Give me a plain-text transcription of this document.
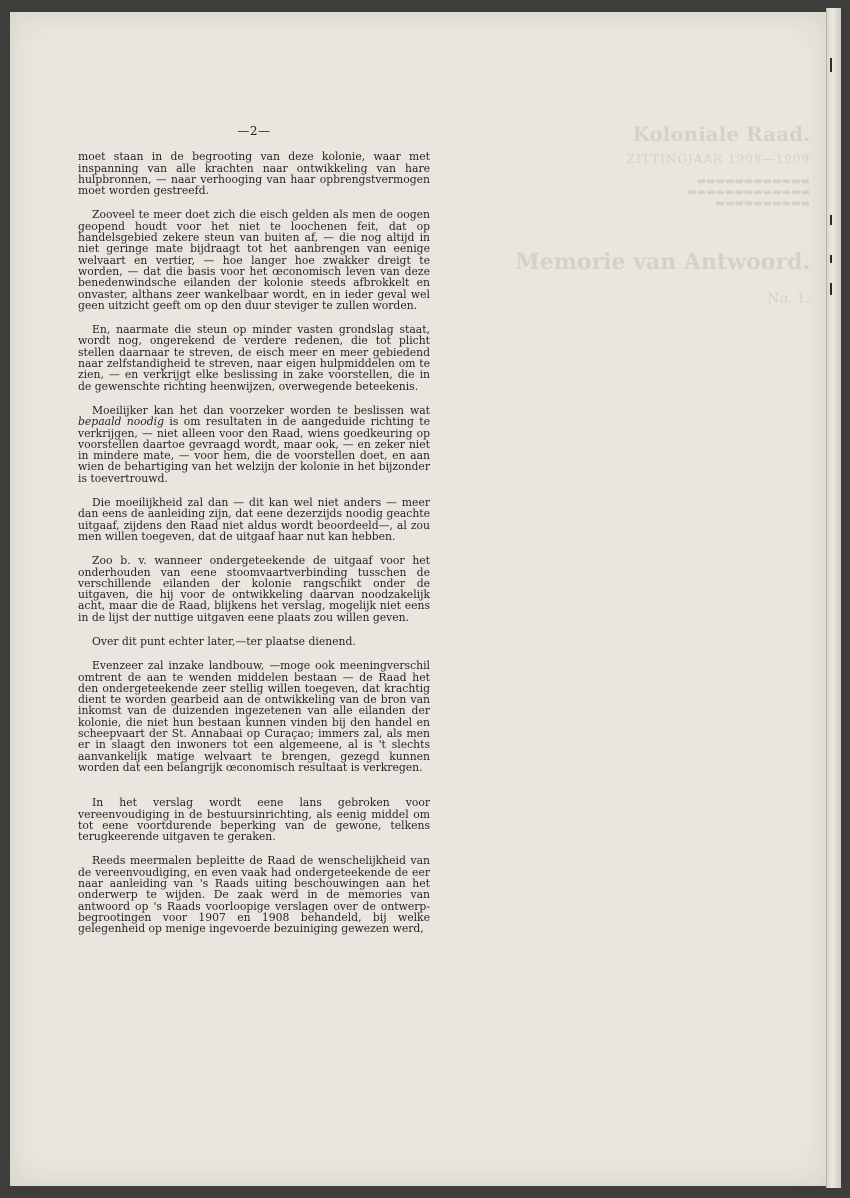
Koloniale Raad.
ZITTINGJAAR 1908—1909
▬▬▬▬▬▬▬▬▬▬▬▬
▬▬▬▬▬▬▬▬▬▬▬▬▬
▬▬▬▬▬▬▬▬▬▬
Memorie van Antwoord.
No. 1.
—2—

moet staan in de begrooting van deze kolonie, waar met inspanning van alle krachten naar ontwikkeling van hare hulpbronnen, — naar verhooging van haar opbrengstvermogen moet worden gestreefd.

Zooveel te meer doet zich die eisch gelden als men de oogen geopend houdt voor het niet te loochenen feit, dat op handelsgebied zekere steun van buiten af, — die nog altijd in niet geringe mate bijdraagt tot het aanbrengen van eenige welvaart en vertier, — hoe langer hoe zwakker dreigt te worden, — dat die basis voor het œconomisch leven van deze benedenwindsche eilanden der kolonie steeds afbrokkelt en onvaster, althans zeer wankelbaar wordt, en in ieder geval wel geen uitzicht geeft om op den duur steviger te zullen worden.

En, naarmate die steun op minder vasten grondslag staat, wordt nog, ongerekend de verdere redenen, die tot plicht stellen daarnaar te streven, de eisch meer en meer gebiedend naar zelfstandigheid te streven, naar eigen hulpmiddelen om te zien, — en verkrijgt elke beslissing in zake voorstellen, die in de gewenschte richting heenwijzen, overwegende beteekenis.

Moeilijker kan het dan voorzeker worden te beslissen wat bepaald noodig is om resultaten in de aangeduide richting te verkrijgen, — niet alleen voor den Raad, wiens goedkeuring op voorstellen daartoe gevraagd wordt, maar ook, — en zeker niet in mindere mate, — voor hem, die de voorstellen doet, en aan wien de behartiging van het welzijn der kolonie in het bijzonder is toevertrouwd.

Die moeilijkheid zal dan — dit kan wel niet anders — meer dan eens de aanleiding zijn, dat eene dezerzijds noodig geachte uitgaaf, zijdens den Raad niet aldus wordt beoordeeld—, al zou men willen toegeven, dat de uitgaaf haar nut kan hebben.

Zoo b. v. wanneer ondergeteekende de uitgaaf voor het onderhouden van eene stoomvaartverbinding tusschen de verschillende eilanden der kolonie rangschikt onder de uitgaven, die hij voor de ontwikkeling daarvan noodzakelijk acht, maar die de Raad, blijkens het verslag, mogelijk niet eens in de lijst der nuttige uitgaven eene plaats zou willen geven.

Over dit punt echter later,—ter plaatse dienend.

Evenzeer zal inzake landbouw, —moge ook meeningverschil omtrent de aan te wenden middelen bestaan — de Raad het den ondergeteekende zeer stellig willen toegeven, dat krachtig dient te worden gearbeid aan de ontwikkeling van de bron van inkomst van de duizenden ingezetenen van alle eilanden der kolonie, die niet hun bestaan kunnen vinden bij den handel en scheepvaart der St. Annabaai op Curaçao; immers zal, als men er in slaagt den inwoners tot een algemeene, al is 't slechts aanvankelijk matige welvaart te brengen, gezegd kunnen worden dat een belangrijk œconomisch resultaat is verkregen.

In het verslag wordt eene lans gebroken voor vereenvoudiging in de bestuursinrichting, als eenig middel om tot eene voortdurende beperking van de gewone, telkens terugkeerende uitgaven te geraken.

Reeds meermalen bepleitte de Raad de wenschelijkheid van de vereenvoudiging, en even vaak had ondergeteekende de eer naar aanleiding van 's Raads uiting beschouwingen aan het onderwerp te wijden. De zaak werd in de memories van antwoord op 's Raads voorloopige verslagen over de ontwerp-begrootingen voor 1907 en 1908 behandeld, bij welke gelegenheid op menige ingevoerde bezuiniging gewezen werd,
